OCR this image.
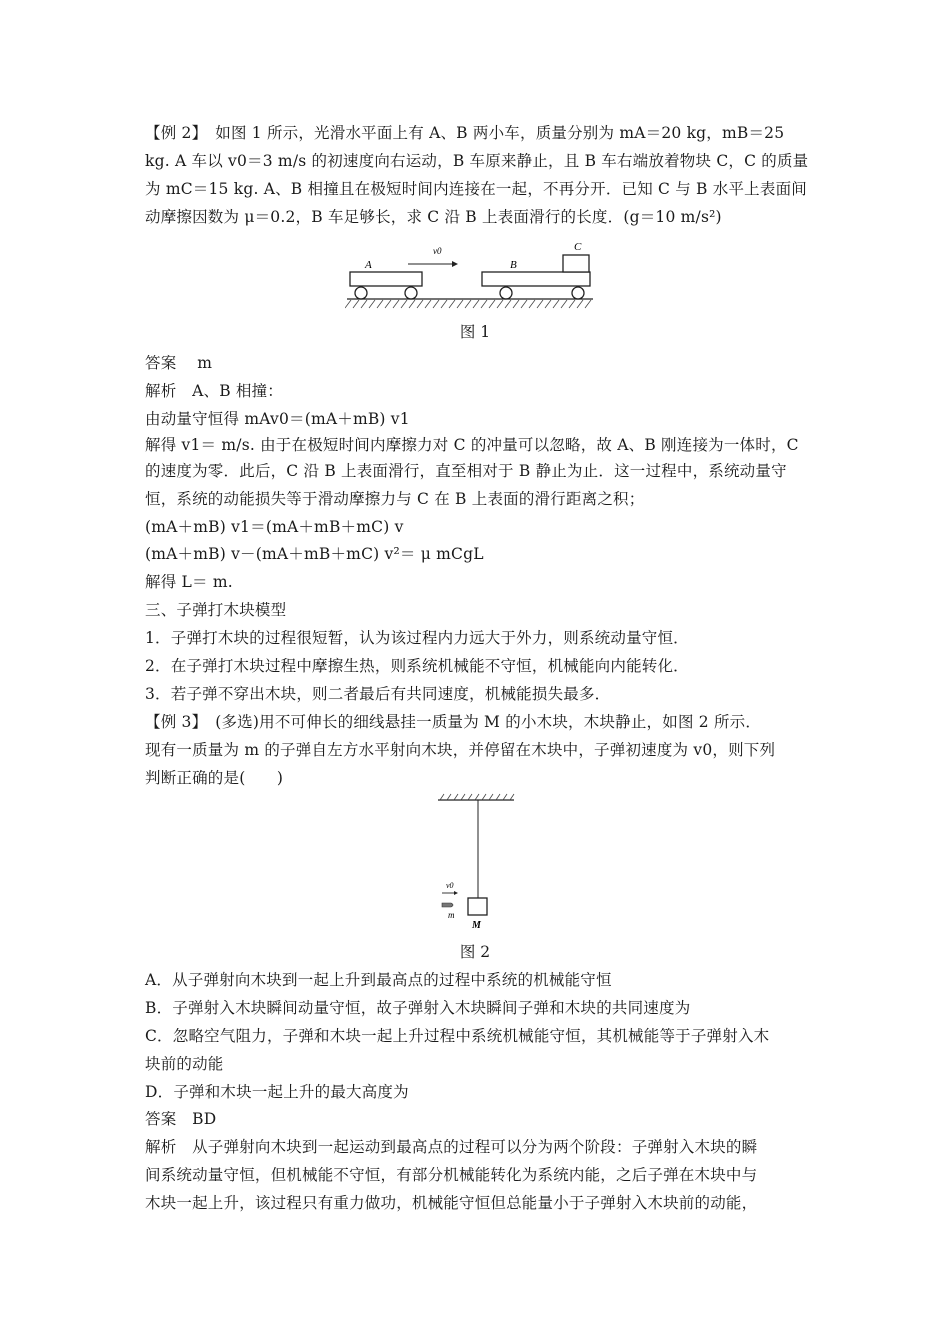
【例 2】　如图 1 所示，光滑水平面上有 A、B 两小车，质量分别为 mA＝20 kg，mB＝25
kg. A 车以 v0＝3 m/s 的初速度向右运动，B 车原来静止，且 B 车右端放着物块 C，C 的质量
为 mC＝15 kg. A、B 相撞且在极短时间内连接在一起，不再分开．已知 C 与 B 水平上表面间
动摩擦因数为 μ＝0.2，B 车足够长，求 C 沿 B 上表面滑行的长度．(g＝10 m/s²)
v0
A	B
C
图 1
答案　 m
解析　A、B 相撞：
由动量守恒得 mAv0＝(mA＋mB) v1
解得 v1＝ m/s. 由于在极短时间内摩擦力对 C 的冲量可以忽略，故 A、B 刚连接为一体时，C
的速度为零．此后，C 沿 B 上表面滑行，直至相对于 B 静止为止．这一过程中，系统动量守
恒，系统的动能损失等于滑动摩擦力与 C 在 B 上表面的滑行距离之积；
(mA＋mB) v1＝(mA＋mB＋mC) v
(mA＋mB) v－(mA＋mB＋mC) v²＝ μ mCgL
解得 L＝ m.
三、子弹打木块模型
1．子弹打木块的过程很短暂，认为该过程内力远大于外力，则系统动量守恒．
2．在子弹打木块过程中摩擦生热，则系统机械能不守恒，机械能向内能转化．
3．若子弹不穿出木块，则二者最后有共同速度，机械能损失最多．
【例 3】　(多选)用不可伸长的细线悬挂一质量为 M 的小木块，木块静止，如图 2 所示．
现有一质量为 m 的子弹自左方水平射向木块，并停留在木块中，子弹初速度为 v0，则下列
判断正确的是(　　)
M
v0
m
图 2
A．从子弹射向木块到一起上升到最高点的过程中系统的机械能守恒
B．子弹射入木块瞬间动量守恒，故子弹射入木块瞬间子弹和木块的共同速度为
C．忽略空气阻力，子弹和木块一起上升过程中系统机械能守恒，其机械能等于子弹射入木
块前的动能
D．子弹和木块一起上升的最大高度为
答案　BD
解析　从子弹射向木块到一起运动到最高点的过程可以分为两个阶段：子弹射入木块的瞬
间系统动量守恒，但机械能不守恒，有部分机械能转化为系统内能，之后子弹在木块中与
木块一起上升，该过程只有重力做功，机械能守恒但总能量小于子弹射入木块前的动能，
